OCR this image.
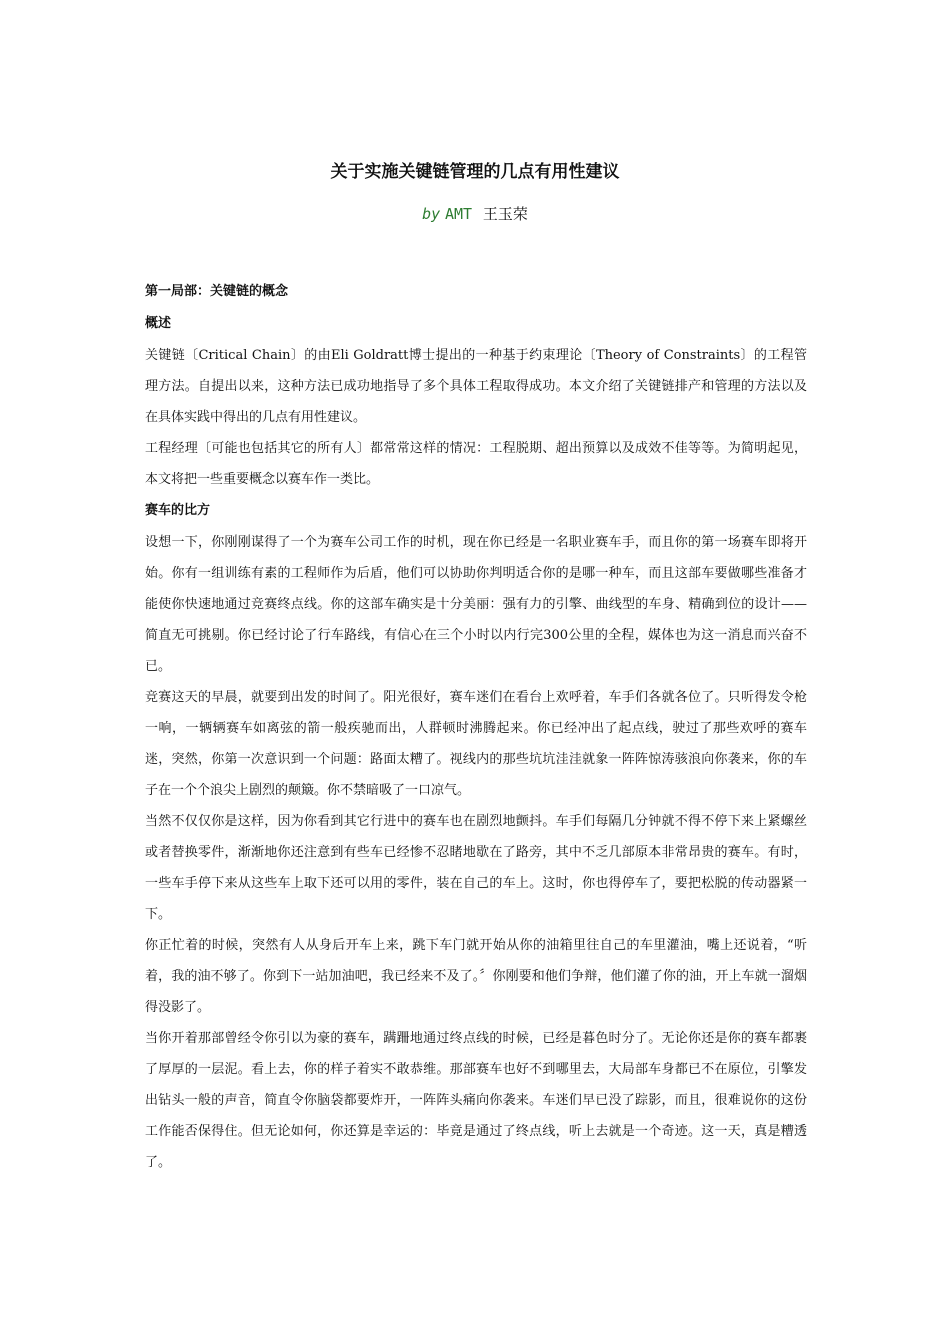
关于实施关键链管理的几点有用性建议
by AMT 王玉荣

第一局部：关键链的概念

概述

关键链〔Critical Chain〕的由Eli Goldratt博士提出的一种基于约束理论〔Theory of Constraints〕的工程管理方法。自提出以来，这种方法已成功地指导了多个具体工程取得成功。本文介绍了关键链排产和管理的方法以及在具体实践中得出的几点有用性建议。

工程经理〔可能也包括其它的所有人〕都常常这样的情况：工程脱期、超出预算以及成效不佳等等。为简明起见，本文将把一些重要概念以赛车作一类比。

赛车的比方

设想一下，你刚刚谋得了一个为赛车公司工作的时机，现在你已经是一名职业赛车手，而且你的第一场赛车即将开始。你有一组训练有素的工程师作为后盾，他们可以协助你判明适合你的是哪一种车，而且这部车要做哪些准备才能使你快速地通过竞赛终点线。你的这部车确实是十分美丽：强有力的引擎、曲线型的车身、精确到位的设计——简直无可挑剔。你已经讨论了行车路线，有信心在三个小时以内行完300公里的全程，媒体也为这一消息而兴奋不已。

竞赛这天的早晨，就要到出发的时间了。阳光很好，赛车迷们在看台上欢呼着，车手们各就各位了。只听得发令枪一响，一辆辆赛车如离弦的箭一般疾驰而出，人群顿时沸腾起来。你已经冲出了起点线，驶过了那些欢呼的赛车迷，突然，你第一次意识到一个问题：路面太糟了。视线内的那些坑坑洼洼就象一阵阵惊涛骇浪向你袭来，你的车子在一个个浪尖上剧烈的颠簸。你不禁暗吸了一口凉气。

当然不仅仅你是这样，因为你看到其它行进中的赛车也在剧烈地颤抖。车手们每隔几分钟就不得不停下来上紧螺丝或者替换零件，渐渐地你还注意到有些车已经惨不忍睹地歇在了路旁，其中不乏几部原本非常昂贵的赛车。有时，一些车手停下来从这些车上取下还可以用的零件，装在自己的车上。这时，你也得停车了，要把松脱的传动器紧一下。

你正忙着的时候，突然有人从身后开车上来，跳下车门就开始从你的油箱里往自己的车里灌油，嘴上还说着，“听着，我的油不够了。你到下一站加油吧，我已经来不及了。〞你刚要和他们争辩，他们灌了你的油，开上车就一溜烟得没影了。

当你开着那部曾经令你引以为豪的赛车，蹒跚地通过终点线的时候，已经是暮色时分了。无论你还是你的赛车都裹了厚厚的一层泥。看上去，你的样子着实不敢恭维。那部赛车也好不到哪里去，大局部车身都已不在原位，引擎发出钻头一般的声音，简直令你脑袋都要炸开，一阵阵头痛向你袭来。车迷们早已没了踪影，而且，很难说你的这份工作能否保得住。但无论如何，你还算是幸运的：毕竟是通过了终点线，听上去就是一个奇迹。这一天，真是糟透了。
